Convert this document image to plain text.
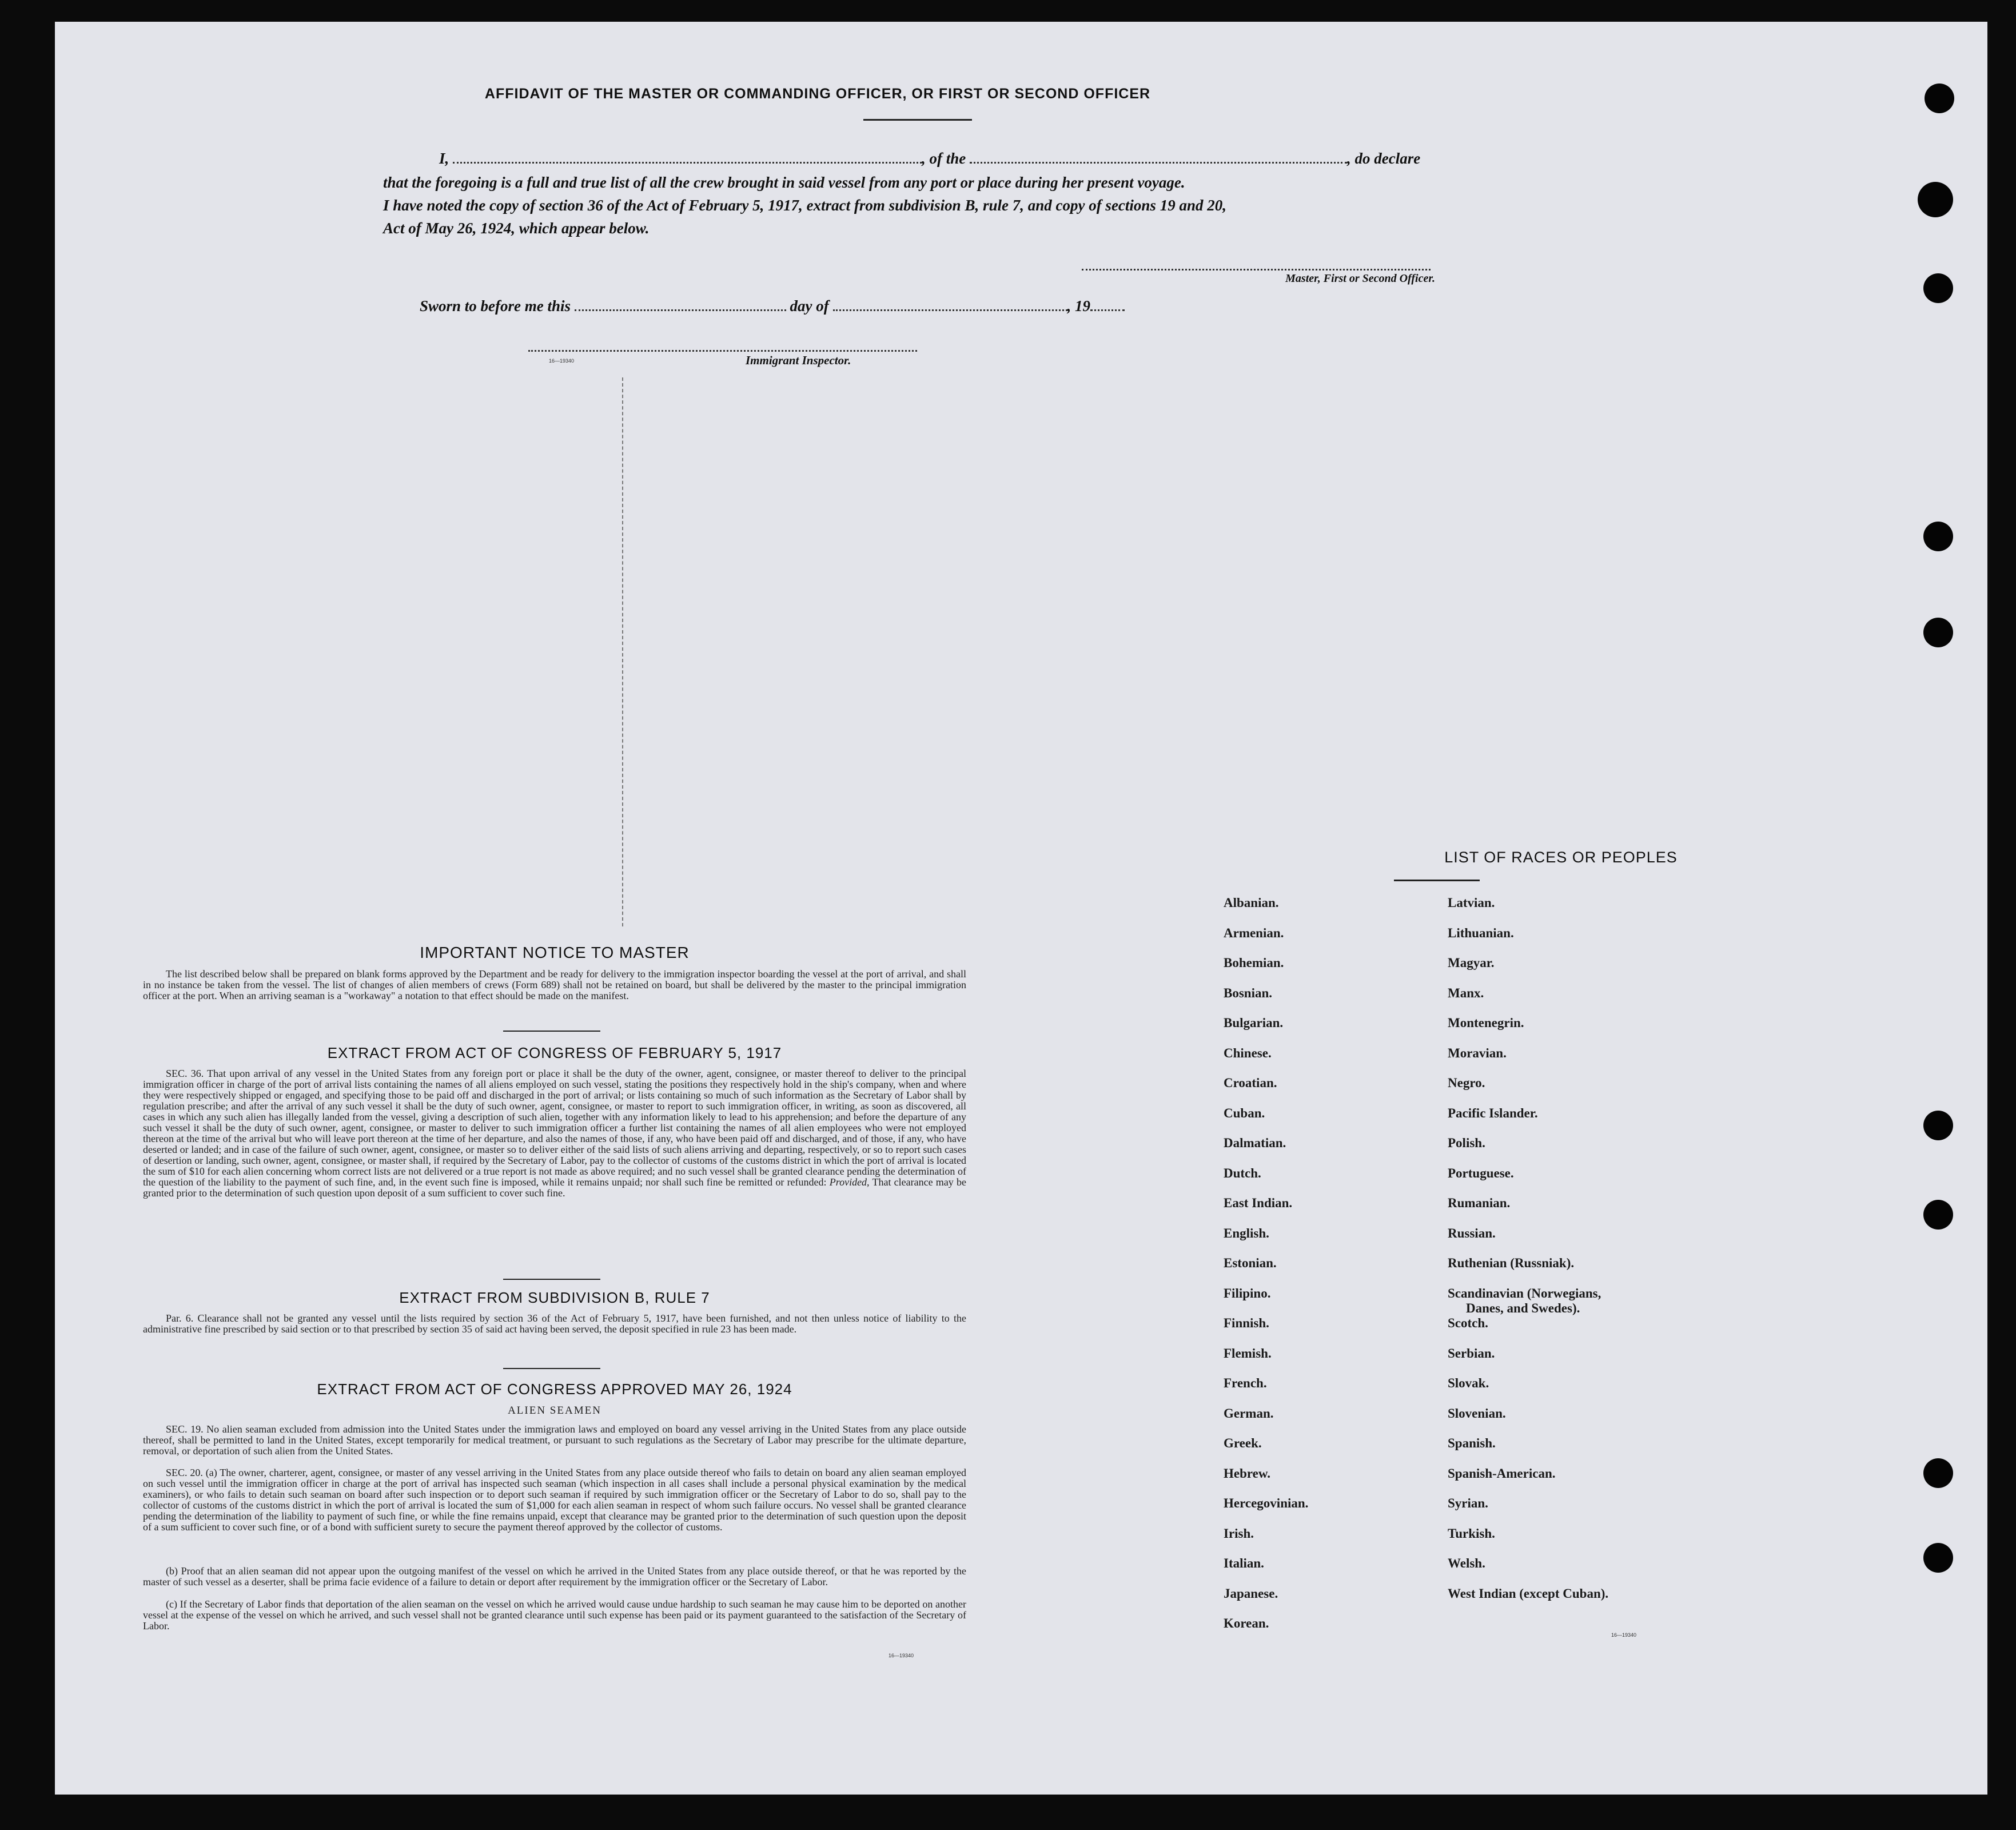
AFFIDAVIT OF THE MASTER OR COMMANDING OFFICER, OR FIRST OR SECOND OFFICER
I,	, of the	, do declare
that the foregoing is a full and true list of all the crew brought in said vessel from any port or place during her present voyage.
I have noted the copy of section 36 of the Act of February 5, 1917, extract from subdivision B, rule 7, and copy of sections 19 and 20,
Act of May 26, 1924, which appear below.
Master, First or Second Officer.
Sworn to before me this	day of	, 19
16—19340	Immigrant Inspector.
IMPORTANT NOTICE TO MASTER
The list described below shall be prepared on blank forms approved by the Department and be ready for delivery to the immigration inspector boarding the vessel at the port of arrival, and shall in no instance be taken from the vessel. The list of changes of alien members of crews (Form 689) shall not be retained on board, but shall be delivered by the master to the principal immigration officer at the port. When an arriving seaman is a "workaway" a notation to that effect should be made on the manifest.
EXTRACT FROM ACT OF CONGRESS OF FEBRUARY 5, 1917
SEC. 36. That upon arrival of any vessel in the United States from any foreign port or place it shall be the duty of the owner, agent, consignee, or master thereof to deliver to the principal immigration officer in charge of the port of arrival lists containing the names of all aliens employed on such vessel, stating the positions they respectively hold in the ship's company, when and where they were respectively shipped or engaged, and specifying those to be paid off and discharged in the port of arrival; or lists containing so much of such information as the Secretary of Labor shall by regulation prescribe; and after the arrival of any such vessel it shall be the duty of such owner, agent, consignee, or master to report to such immigration officer, in writing, as soon as discovered, all cases in which any such alien has illegally landed from the vessel, giving a description of such alien, together with any information likely to lead to his apprehension; and before the departure of any such vessel it shall be the duty of such owner, agent, consignee, or master to deliver to such immigration officer a further list containing the names of all alien employees who were not employed thereon at the time of the arrival but who will leave port thereon at the time of her departure, and also the names of those, if any, who have been paid off and discharged, and of those, if any, who have deserted or landed; and in case of the failure of such owner, agent, consignee, or master so to deliver either of the said lists of such aliens arriving and departing, respectively, or so to report such cases of desertion or landing, such owner, agent, consignee, or master shall, if required by the Secretary of Labor, pay to the collector of customs of the customs district in which the port of arrival is located the sum of $10 for each alien concerning whom correct lists are not delivered or a true report is not made as above required; and no such vessel shall be granted clearance pending the determination of the question of the liability to the payment of such fine, and, in the event such fine is imposed, while it remains unpaid; nor shall such fine be remitted or refunded: Provided, That clearance may be granted prior to the determination of such question upon deposit of a sum sufficient to cover such fine.
EXTRACT FROM SUBDIVISION B, RULE 7
Par. 6. Clearance shall not be granted any vessel until the lists required by section 36 of the Act of February 5, 1917, have been furnished, and not then unless notice of liability to the administrative fine prescribed by said section or to that prescribed by section 35 of said act having been served, the deposit specified in rule 23 has been made.
EXTRACT FROM ACT OF CONGRESS APPROVED MAY 26, 1924
ALIEN SEAMEN
SEC. 19. No alien seaman excluded from admission into the United States under the immigration laws and employed on board any vessel arriving in the United States from any place outside thereof, shall be permitted to land in the United States, except temporarily for medical treatment, or pursuant to such regulations as the Secretary of Labor may prescribe for the ultimate departure, removal, or deportation of such alien from the United States.
SEC. 20. (a) The owner, charterer, agent, consignee, or master of any vessel arriving in the United States from any place outside thereof who fails to detain on board any alien seaman employed on such vessel until the immigration officer in charge at the port of arrival has inspected such seaman (which inspection in all cases shall include a personal physical examination by the medical examiners), or who fails to detain such seaman on board after such inspection or to deport such seaman if required by such immigration officer or the Secretary of Labor to do so, shall pay to the collector of customs of the customs district in which the port of arrival is located the sum of $1,000 for each alien seaman in respect of whom such failure occurs. No vessel shall be granted clearance pending the determination of the liability to payment of such fine, or while the fine remains unpaid, except that clearance may be granted prior to the determination of such question upon the deposit of a sum sufficient to cover such fine, or of a bond with sufficient surety to secure the payment thereof approved by the collector of customs.
(b) Proof that an alien seaman did not appear upon the outgoing manifest of the vessel on which he arrived in the United States from any place outside thereof, or that he was reported by the master of such vessel as a deserter, shall be prima facie evidence of a failure to detain or deport after requirement by the immigration officer or the Secretary of Labor.
(c) If the Secretary of Labor finds that deportation of the alien seaman on the vessel on which he arrived would cause undue hardship to such seaman he may cause him to be deported on another vessel at the expense of the vessel on which he arrived, and such vessel shall not be granted clearance until such expense has been paid or its payment guaranteed to the satisfaction of the Secretary of Labor.
16—19340
LIST OF RACES OR PEOPLES
Albanian.
Armenian.
Bohemian.
Bosnian.
Bulgarian.
Chinese.
Croatian.
Cuban.
Dalmatian.
Dutch.
East Indian.
English.
Estonian.
Filipino.
Finnish.
Flemish.
French.
German.
Greek.
Hebrew.
Hercegovinian.
Irish.
Italian.
Japanese.
Korean.
Latvian.
Lithuanian.
Magyar.
Manx.
Montenegrin.
Moravian.
Negro.
Pacific Islander.
Polish.
Portuguese.
Rumanian.
Russian.
Ruthenian (Russniak).
Scandinavian (Norwegians,
Danes, and Swedes).
Scotch.
Serbian.
Slovak.
Slovenian.
Spanish.
Spanish-American.
Syrian.
Turkish.
Welsh.
West Indian (except Cuban).
16—19340
